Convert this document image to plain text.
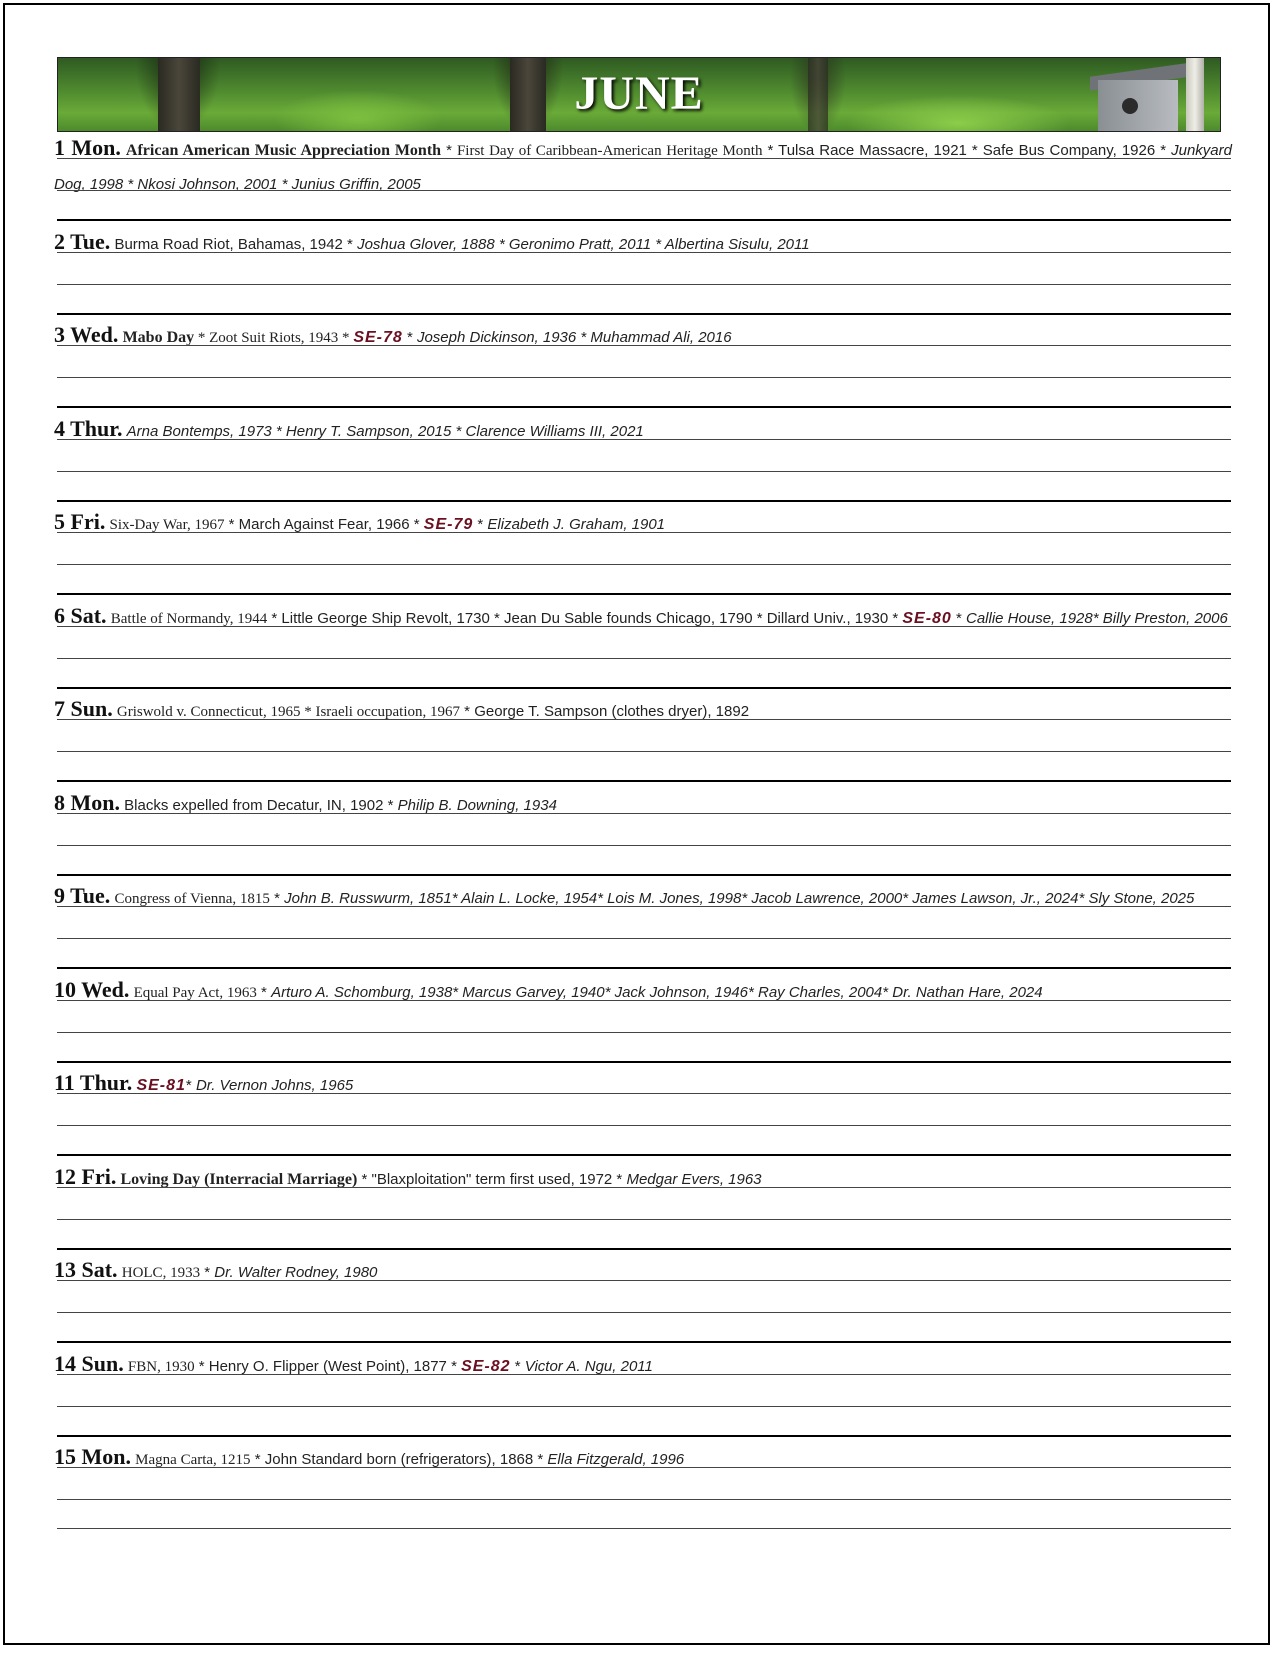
JUNE
1 Mon. African American Music Appreciation Month * First Day of Caribbean-American Heritage Month * Tulsa Race Massacre, 1921 * Safe Bus Company, 1926 * Junkyard Dog, 1998 * Nkosi Johnson, 2001 * Junius Griffin, 2005
2 Tue. Burma Road Riot, Bahamas, 1942 * Joshua Glover, 1888 * Geronimo Pratt, 2011 * Albertina Sisulu, 2011
3 Wed. Mabo Day * Zoot Suit Riots, 1943 * SE-78 * Joseph Dickinson, 1936 * Muhammad Ali, 2016
4 Thur. Arna Bontemps, 1973 * Henry T. Sampson, 2015 * Clarence Williams III, 2021
5 Fri. Six-Day War, 1967 * March Against Fear, 1966 * SE-79 * Elizabeth J. Graham, 1901
6 Sat. Battle of Normandy, 1944 * Little George Ship Revolt, 1730 * Jean Du Sable founds Chicago, 1790 * Dillard Univ., 1930 * SE-80 * Callie House, 1928* Billy Preston, 2006
7 Sun. Griswold v. Connecticut, 1965 * Israeli occupation, 1967 * George T. Sampson (clothes dryer), 1892
8 Mon. Blacks expelled from Decatur, IN, 1902 * Philip B. Downing, 1934
9 Tue. Congress of Vienna, 1815 * John B. Russwurm, 1851* Alain L. Locke, 1954* Lois M. Jones, 1998* Jacob Lawrence, 2000* James Lawson, Jr., 2024* Sly Stone, 2025
10 Wed. Equal Pay Act, 1963 * Arturo A. Schomburg, 1938* Marcus Garvey, 1940* Jack Johnson, 1946* Ray Charles, 2004* Dr. Nathan Hare, 2024
11 Thur. SE-81* Dr. Vernon Johns, 1965
12 Fri. Loving Day (Interracial Marriage) * "Blaxploitation" term first used, 1972 * Medgar Evers, 1963
13 Sat. HOLC, 1933 * Dr. Walter Rodney, 1980
14 Sun. FBN, 1930 * Henry O. Flipper (West Point), 1877 * SE-82 * Victor A. Ngu, 2011
15 Mon. Magna Carta, 1215 * John Standard born (refrigerators), 1868 * Ella Fitzgerald, 1996
